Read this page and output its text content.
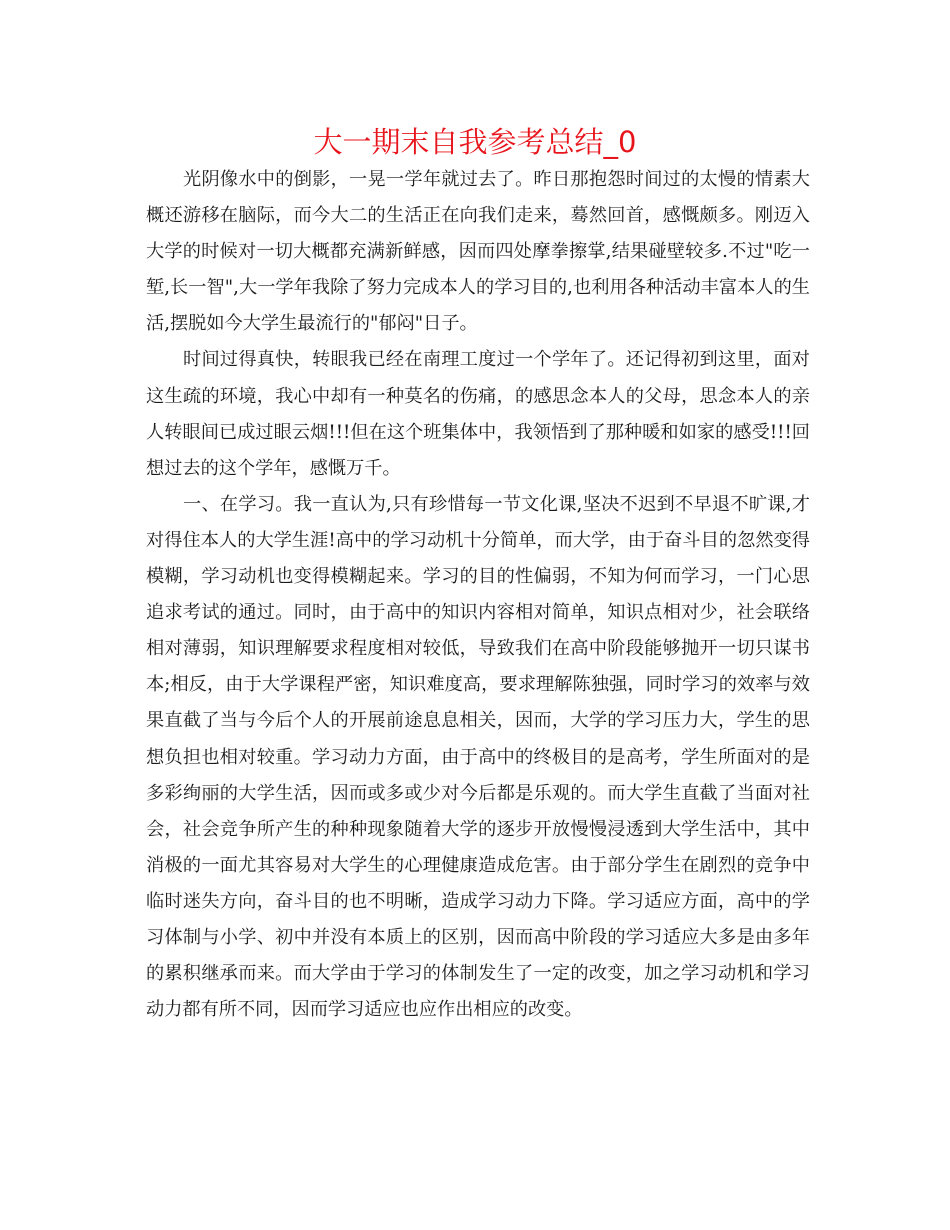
大一期末自我参考总结_0

光阴像水中的倒影，一晃一学年就过去了。昨日那抱怨时间过的太慢的情素大概还游移在脑际，而今大二的生活正在向我们走来，蓦然回首，感慨颇多。刚迈入大学的时候对一切大概都充满新鲜感，因而四处摩拳擦掌,结果碰壁较多.不过"吃一堑,长一智",大一学年我除了努力完成本人的学习目的,也利用各种活动丰富本人的生活,摆脱如今大学生最流行的"郁闷"日子。

时间过得真快，转眼我已经在南理工度过一个学年了。还记得初到这里，面对这生疏的环境，我心中却有一种莫名的伤痛，的感思念本人的父母，思念本人的亲人转眼间已成过眼云烟!!!但在这个班集体中，我领悟到了那种暖和如家的感受!!!回想过去的这个学年，感慨万千。

一、在学习。我一直认为,只有珍惜每一节文化课,坚决不迟到不早退不旷课,才对得住本人的大学生涯!高中的学习动机十分简单，而大学，由于奋斗目的忽然变得模糊，学习动机也变得模糊起来。学习的目的性偏弱，不知为何而学习，一门心思追求考试的通过。同时，由于高中的知识内容相对简单，知识点相对少，社会联络相对薄弱，知识理解要求程度相对较低，导致我们在高中阶段能够抛开一切只谋书本;相反，由于大学课程严密，知识难度高，要求理解陈独强，同时学习的效率与效果直截了当与今后个人的开展前途息息相关，因而，大学的学习压力大，学生的思想负担也相对较重。学习动力方面，由于高中的终极目的是高考，学生所面对的是多彩绚丽的大学生活，因而或多或少对今后都是乐观的。而大学生直截了当面对社会，社会竞争所产生的种种现象随着大学的逐步开放慢慢浸透到大学生活中，其中消极的一面尤其容易对大学生的心理健康造成危害。由于部分学生在剧烈的竞争中临时迷失方向，奋斗目的也不明晰，造成学习动力下降。学习适应方面，高中的学习体制与小学、初中并没有本质上的区别，因而高中阶段的学习适应大多是由多年的累积继承而来。而大学由于学习的体制发生了一定的改变，加之学习动机和学习动力都有所不同，因而学习适应也应作出相应的改变。
